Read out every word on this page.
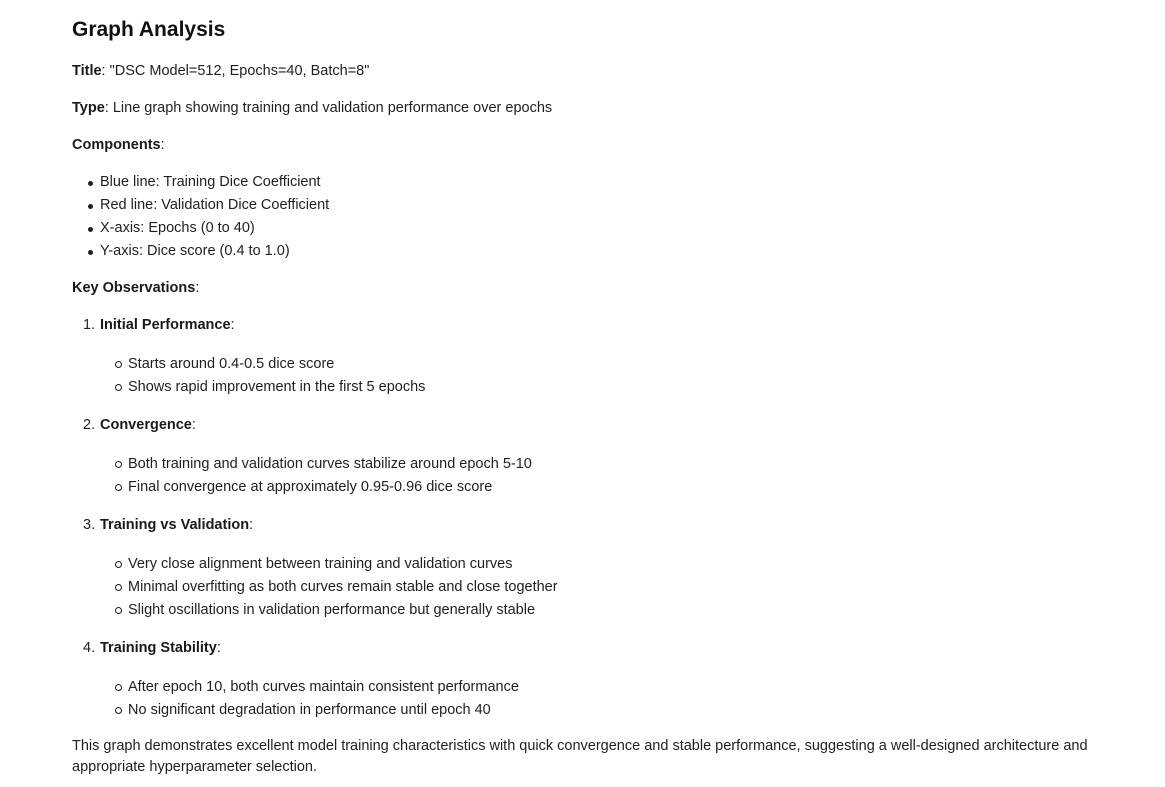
Graph Analysis

Title: "DSC Model=512, Epochs=40, Batch=8"

Type: Line graph showing training and validation performance over epochs

Components:

Blue line: Training Dice Coefficient
Red line: Validation Dice Coefficient
X-axis: Epochs (0 to 40)
Y-axis: Dice score (0.4 to 1.0)

Key Observations:

1. Initial Performance:
Starts around 0.4-0.5 dice score
Shows rapid improvement in the first 5 epochs
2. Convergence:
Both training and validation curves stabilize around epoch 5-10
Final convergence at approximately 0.95-0.96 dice score
3. Training vs Validation:
Very close alignment between training and validation curves
Minimal overfitting as both curves remain stable and close together
Slight oscillations in validation performance but generally stable
4. Training Stability:
After epoch 10, both curves maintain consistent performance
No significant degradation in performance until epoch 40

This graph demonstrates excellent model training characteristics with quick convergence and stable performance, suggesting a well-designed architecture and appropriate hyperparameter selection.
